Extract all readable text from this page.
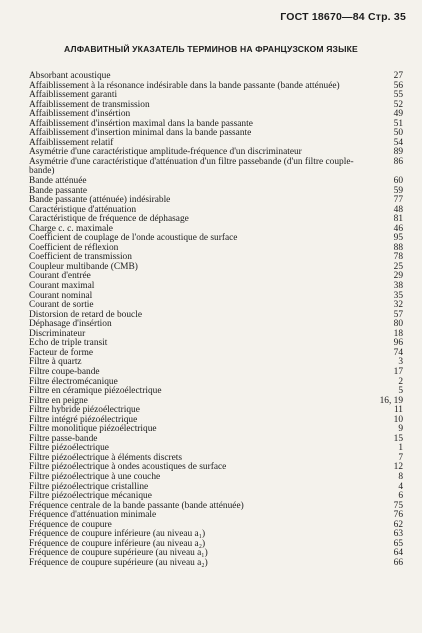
ГОСТ 18670—84 Стр. 35
АЛФАВИТНЫЙ УКАЗАТЕЛЬ ТЕРМИНОВ НА ФРАНЦУЗСКОМ ЯЗЫКЕ
Absorbant acoustique	27
Affaiblissement à la résonance indésirable dans la bande passante (bande atténuée)	56
Affaiblissement garanti	55
Affaiblissement de transmission	52
Affaiblissement d'insértion	49
Affaiblissement d'insértion maximal dans la bande passante	51
Affaiblissement d'insertion minimal dans la bande passante	50
Affaiblissement relatif	54
Asymétrie d'une caractéristique amplitude-fréquence d'un discriminateur	89
Asymétrie d'une caractéristique d'atténuation d'un filtre passebande (d'un filtre couple-bande)
86
Bande atténuée	60
Bande passante	59
Bande passante (atténuée) indésirable	77
Caractéristique d'atténuation	48
Caractéristique de fréquence de déphasage	81
Charge c. c. maximale	46
Coefficient de couplage de l'onde acoustique de surface	95
Coefficient de réflexion	88
Coefficient de transmission	78
Coupleur multibande (CMB)	25
Courant d'entrée	29
Courant maximal	38
Courant nominal	35
Courant de sortie	32
Distorsion de retard de boucle	57
Déphasage d'insértion	80
Discriminateur	18
Echo de triple transit	96
Facteur de forme	74
Filtre à quartz	3
Filtre coupe-bande	17
Filtre électromécanique	2
Filtre en céramique piézoélectrique	5
Filtre en peigne	16, 19
Filtre hybride piézoélectrique	11
Filtre intégré piézoélectrique	10
Filtre monolitique piézoélectrique	9
Filtre passe-bande	15
Filtre piézoélectrique	1
Filtre piézoélectrique à éléments discrets	7
Filtre piézoélectrique à ondes acoustiques de surface	12
Filtre piézoélectrique à une couche	8
Filtre piézoélectrique cristalline	4
Filtre piézoélectrique mécanique	6
Fréquence centrale de la bande passante (bande atténuée)	75
Fréquence d'atténuation minimale	76
Fréquence de coupure	62
Fréquence de coupure inférieure (au niveau a₁)	63
Fréquence de coupure inférieure (au niveau a₂)	65
Fréquence de coupure supérieure (au niveau a₁)	64
Fréquence de coupure supérieure (au niveau a₂)	66
